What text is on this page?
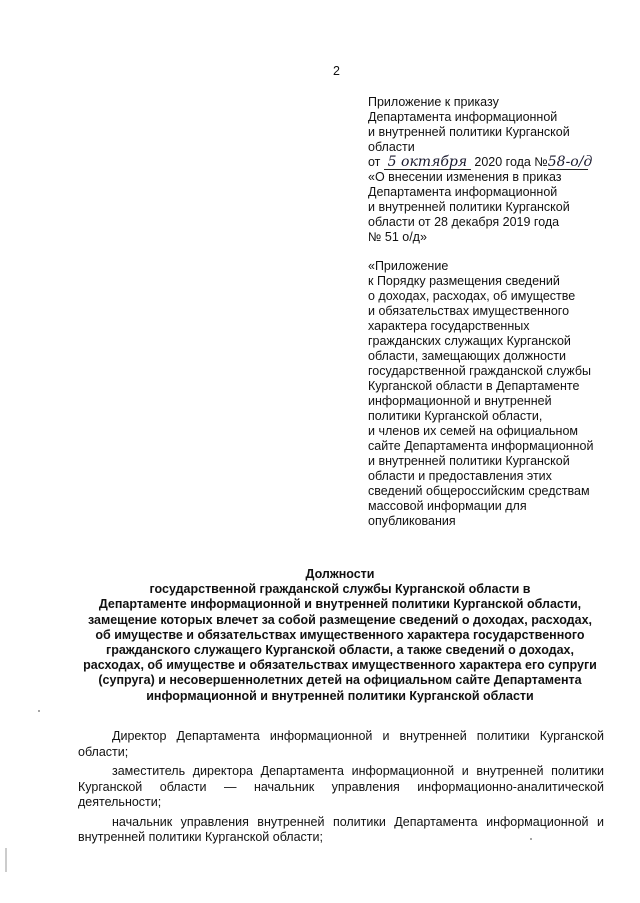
2
Приложение к приказу
Департамента информационной
и внутренней политики Курганской
области
от 5 октября 2020 года №58-о/д
«О внесении изменения в приказ
Департамента информационной
и внутренней политики Курганской
области от 28 декабря 2019 года
№ 51 о/д»
«Приложение
к Порядку размещения сведений
о доходах, расходах, об имуществе
и обязательствах имущественного
характера государственных
гражданских служащих Курганской
области, замещающих должности
государственной гражданской службы
Курганской области в Департаменте
информационной и внутренней
политики Курганской области,
и членов их семей на официальном
сайте Департамента информационной
и внутренней политики Курганской
области и предоставления этих
сведений общероссийским средствам
массовой информации для
опубликования
Должности
государственной гражданской службы Курганской области в
Департаменте информационной и внутренней политики Курганской области,
замещение которых влечет за собой размещение сведений о доходах, расходах,
об имуществе и обязательствах имущественного характера государственного
гражданского служащего Курганской области, а также сведений о доходах,
расходах, об имуществе и обязательствах имущественного характера его супруги
(супруга) и несовершеннолетних детей на официальном сайте Департамента
информационной и внутренней политики Курганской области

Директор Департамента информационной и внутренней политики Курганской области;

заместитель директора Департамента информационной и внутренней политики Курганской области — начальник управления информационно-аналитической деятельности;

начальник управления внутренней политики Департамента информационной и внутренней политики Курганской области;
